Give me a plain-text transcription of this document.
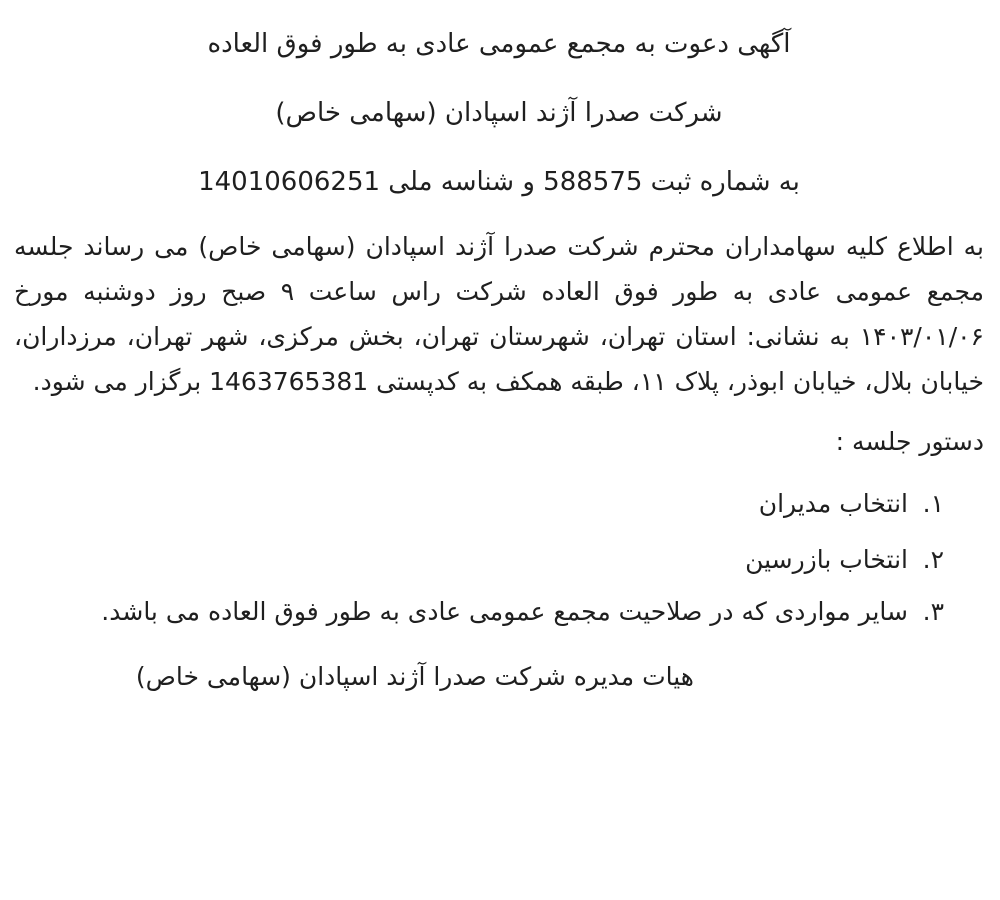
آگهی دعوت به مجمع عمومی عادی به طور فوق العاده
شرکت صدرا آژند اسپادان (سهامی خاص)
به شماره ثبت 588575 و شناسه ملی 14010606251
به اطلاع کلیه سهامداران محترم شرکت صدرا آژند اسپادان (سهامی خاص) می رساند جلسه مجمع عمومی عادی به طور فوق العاده شرکت راس ساعت ۹ صبح روز دوشنبه مورخ ۱۴۰۳/۰۱/۰۶ به نشانی: استان تهران، شهرستان تهران، بخش مرکزی، شهر تهران، مرزداران، خیابان بلال، خیابان ابوذر، پلاک ۱۱، طبقه همکف به کدپستی 1463765381 برگزار می شود.
دستور جلسه :
۱.
انتخاب مدیران
۲.
انتخاب بازرسین
۳.
سایر مواردی که در صلاحیت مجمع عمومی عادی به طور فوق العاده می باشد.
هیات مدیره شرکت صدرا آژند اسپادان (سهامی خاص)
